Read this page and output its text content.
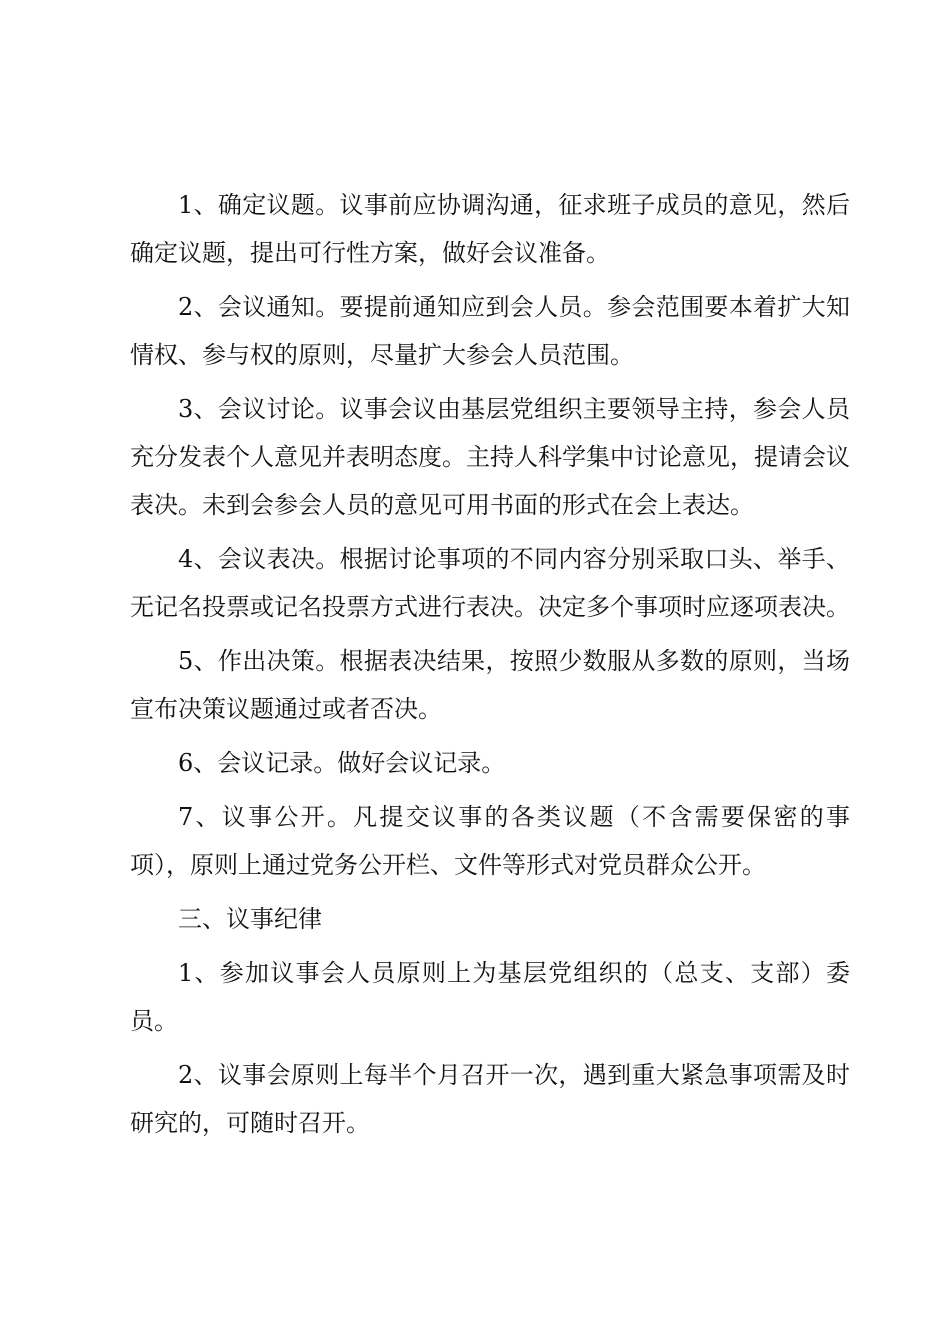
1、确定议题。议事前应协调沟通，征求班子成员的意见，然后确定议题，提出可行性方案，做好会议准备。

2、会议通知。要提前通知应到会人员。参会范围要本着扩大知情权、参与权的原则，尽量扩大参会人员范围。

3、会议讨论。议事会议由基层党组织主要领导主持，参会人员充分发表个人意见并表明态度。主持人科学集中讨论意见，提请会议表决。未到会参会人员的意见可用书面的形式在会上表达。

4、会议表决。根据讨论事项的不同内容分别采取口头、举手、无记名投票或记名投票方式进行表决。决定多个事项时应逐项表决。

5、作出决策。根据表决结果，按照少数服从多数的原则，当场宣布决策议题通过或者否决。

6、会议记录。做好会议记录。

7、议事公开。凡提交议事的各类议题（不含需要保密的事项），原则上通过党务公开栏、文件等形式对党员群众公开。

三、议事纪律

1、参加议事会人员原则上为基层党组织的（总支、支部）委员。

2、议事会原则上每半个月召开一次，遇到重大紧急事项需及时研究的，可随时召开。
